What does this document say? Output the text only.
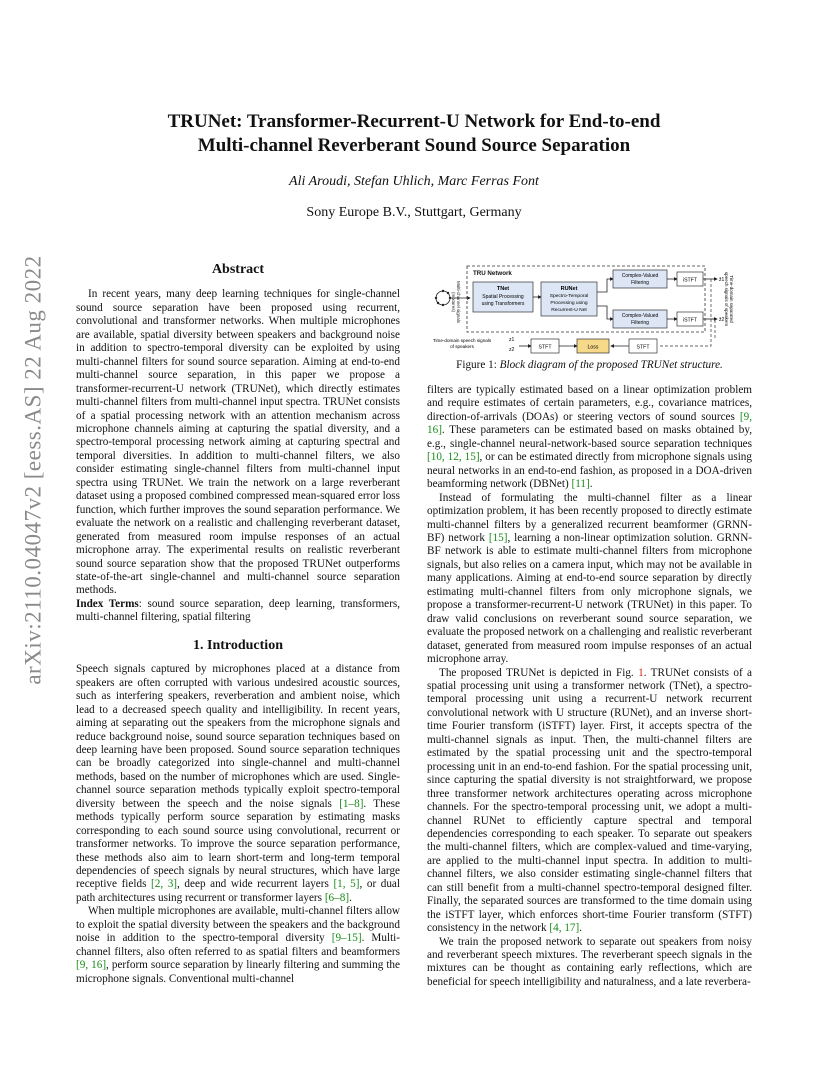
arXiv:2110.04047v2 [eess.AS] 22 Aug 2022
TRUNet: Transformer-Recurrent-U Network for End-to-end
Multi-channel Reverberant Sound Source Separation
Ali Aroudi, Stefan Uhlich, Marc Ferras Font
Sony Europe B.V., Stuttgart, Germany

Abstract

In recent years, many deep learning techniques for single-channel sound source separation have been proposed using recurrent, convolutional and transformer networks. When multiple microphones are available, spatial diversity between speakers and background noise in addition to spectro-temporal diversity can be exploited by using multi-channel filters for sound source separation. Aiming at end-to-end multi-channel source separation, in this paper we propose a transformer-recurrent-U network (TRUNet), which directly estimates multi-channel filters from multi-channel input spectra. TRUNet consists of a spatial processing network with an attention mechanism across microphone channels aiming at capturing the spatial diversity, and a spectro-temporal processing network aiming at capturing spectral and temporal diversities. In addition to multi-channel filters, we also consider estimating single-channel filters from multi-channel input spectra using TRUNet. We train the network on a large reverberant dataset using a proposed combined compressed mean-squared error loss function, which further improves the sound separation performance. We evaluate the network on a realistic and challenging reverberant dataset, generated from measured room impulse responses of an actual microphone array. The experimental results on realistic reverberant sound source separation show that the proposed TRUNet outperforms state-of-the-art single-channel and multi-channel source separation methods.

Index Terms: sound source separation, deep learning, transformers, multi-channel filtering, spatial filtering

1. Introduction

Speech signals captured by microphones placed at a distance from speakers are often corrupted with various undesired acoustic sources, such as interfering speakers, reverberation and ambient noise, which lead to a decreased speech quality and intelligibility. In recent years, aiming at separating out the speakers from the microphone signals and reduce background noise, sound source separation techniques based on deep learning have been proposed. Sound source separation techniques can be broadly categorized into single-channel and multi-channel methods, based on the number of microphones which are used. Single-channel source separation methods typically exploit spectro-temporal diversity between the speech and the noise signals [1–8]. These methods typically perform source separation by estimating masks corresponding to each sound source using convolutional, recurrent or transformer networks. To improve the source separation performance, these methods also aim to learn short-term and long-term temporal dependencies of speech signals by neural structures, which have large receptive fields [2, 3], deep and wide recurrent layers [1, 5], or dual path architectures using recurrent or transformer layers [6–8].

When multiple microphones are available, multi-channel filters allow to exploit the spatial diversity between the speakers and the background noise in addition to the spectro-temporal diversity [9–15]. Multi-channel filters, also often referred to as spatial filters and beamformers [9, 16], perform source separation by linearly filtering and summing the microphone signals. Conventional multi-channel

Multi-channel signals
(mixtures)
TRU Network
TNet
Spatial Processing
using Transformers
RUNet
Spectro-Temporal
Processing using
Recurrent-U Net
Complex-Valued
Filtering
Complex-Valued
Filtering
iSTFT
iSTFT
ẑ1
ẑ2 Time-domain separated
speech signals of speakers
Time-domain speech signals
of speakers
z1
z2	STFT	Loss	STFT
Figure 1: Block diagram of the proposed TRUNet structure.

filters are typically estimated based on a linear optimization problem and require estimates of certain parameters, e.g., covariance matrices, direction-of-arrivals (DOAs) or steering vectors of sound sources [9, 16]. These parameters can be estimated based on masks obtained by, e.g., single-channel neural-network-based source separation techniques [10, 12, 15], or can be estimated directly from microphone signals using neural networks in an end-to-end fashion, as proposed in a DOA-driven beamforming network (DBNet) [11].

Instead of formulating the multi-channel filter as a linear optimization problem, it has been recently proposed to directly estimate multi-channel filters by a generalized recurrent beamformer (GRNN-BF) network [15], learning a non-linear optimization solution. GRNN-BF network is able to estimate multi-channel filters from microphone signals, but also relies on a camera input, which may not be available in many applications. Aiming at end-to-end source separation by directly estimating multi-channel filters from only microphone signals, we propose a transformer-recurrent-U network (TRUNet) in this paper. To draw valid conclusions on reverberant sound source separation, we evaluate the proposed network on a challenging and realistic reverberant dataset, generated from measured room impulse responses of an actual microphone array.

The proposed TRUNet is depicted in Fig. 1. TRUNet consists of a spatial processing unit using a transformer network (TNet), a spectro-temporal processing unit using a recurrent-U network recurrent convolutional network with U structure (RUNet), and an inverse short-time Fourier transform (iSTFT) layer. First, it accepts spectra of the multi-channel signals as input. Then, the multi-channel filters are estimated by the spatial processing unit and the spectro-temporal processing unit in an end-to-end fashion. For the spatial processing unit, since capturing the spatial diversity is not straightforward, we propose three transformer network architectures operating across microphone channels. For the spectro-temporal processing unit, we adopt a multi-channel RUNet to efficiently capture spectral and temporal dependencies corresponding to each speaker. To separate out speakers the multi-channel filters, which are complex-valued and time-varying, are applied to the multi-channel input spectra. In addition to multi-channel filters, we also consider estimating single-channel filters that can still benefit from a multi-channel spectro-temporal designed filter. Finally, the separated sources are transformed to the time domain using the iSTFT layer, which enforces short-time Fourier transform (STFT) consistency in the network [4, 17].

We train the proposed network to separate out speakers from noisy and reverberant speech mixtures. The reverberant speech signals in the mixtures can be thought as containing early reflections, which are beneficial for speech intelligibility and naturalness, and a late reverbera-
